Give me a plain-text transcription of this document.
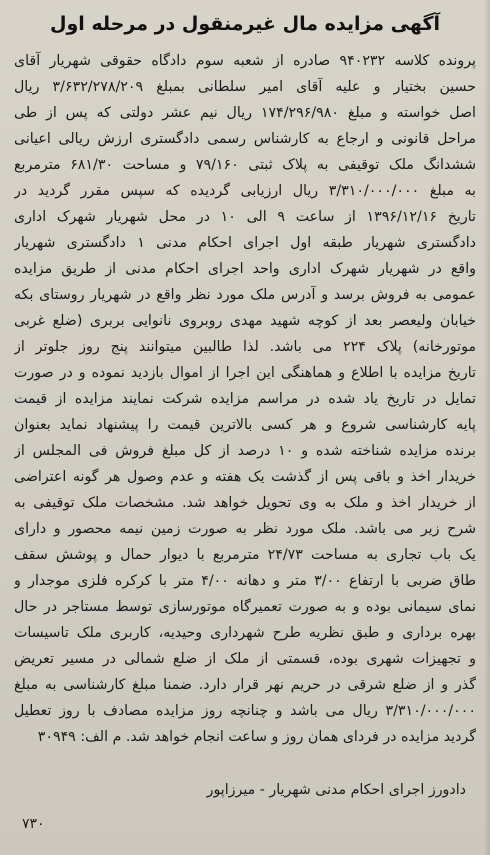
آگهی مزایده مال غیرمنقول در مرحله اول
پرونده کلاسه ۹۴۰۲۳۲ صادره از شعبه سوم دادگاه حقوقی شهریار آقای
حسین بختیار و علیه آقای امیر سلطانی بمبلغ ۳/۶۳۲/۲۷۸/۲۰۹ ریال
اصل خواسته و مبلغ ۱۷۴/۲۹۶/۹۸۰ ریال نیم عشر دولتی که پس از طی
مراحل قانونی و ارجاع به کارشناس رسمی دادگستری ارزش ریالی اعیانی
ششدانگ ملک توقیفی به پلاک ثبتی ۷۹/۱۶۰ و مساحت ۶۸۱/۳۰ مترمربع
به مبلغ ۳/۳۱۰/۰۰۰/۰۰۰ ریال ارزیابی گردیده که سپس مقرر گردید در
تاریخ ۱۳۹۶/۱۲/۱۶ از ساعت ۹ الی ۱۰ در محل شهریار شهرک اداری
دادگستری شهریار طبقه اول اجرای احکام مدنی ۱ دادگستری شهریار
واقع در شهریار شهرک اداری واحد اجرای احکام مدنی از طریق مزایده
عمومی به فروش برسد و آدرس ملک مورد نظر واقع در شهریار روستای بکه
خیابان ولیعصر بعد از کوچه شهید مهدی روبروی نانوایی بربری (ضلع غربی
موتورخانه) پلاک ۲۲۴ می باشد. لذا طالبین میتوانند پنج روز جلوتر از
تاریخ مزایده با اطلاع و هماهنگی این اجرا از اموال بازدید نموده و در صورت
تمایل در تاریخ یاد شده در مراسم مزایده شرکت نمایند مزایده از قیمت
پایه کارشناسی شروع و هر کسی بالاترین قیمت را پیشنهاد نماید بعنوان
برنده مزایده شناخته شده و ۱۰ درصد از کل مبلغ فروش فی المجلس از
خریدار اخذ و باقی پس از گذشت یک هفته و عدم وصول هر گونه اعتراضی
از خریدار اخذ و ملک به وی تحویل خواهد شد. مشخصات ملک توقیفی به
شرح زیر می باشد. ملک مورد نظر به صورت زمین نیمه محصور و دارای
یک باب تجاری به مساحت ۲۴/۷۳ مترمربع با دیوار حمال و پوشش سقف
طاق ضربی با ارتفاع ۳/۰۰ متر و دهانه ۴/۰۰ متر با کرکره فلزی موجدار و
نمای سیمانی بوده و به صورت تعمیرگاه موتورسازی توسط مستاجر در حال
بهره برداری و طبق نظریه طرح شهرداری وحیدیه، کاربری ملک تاسیسات
و تجهیزات شهری بوده، قسمتی از ملک از ضلع شمالی در مسیر تعریض
گذر و از ضلع شرقی در حریم نهر قرار دارد. ضمنا مبلغ کارشناسی به مبلغ
۳/۳۱۰/۰۰۰/۰۰۰ ریال می باشد و چنانچه روز مزایده مصادف با روز تعطیل
گردید مزایده در فردای همان روز و ساعت انجام خواهد شد. م الف: ۳۰۹۴۹
دادورز اجرای احکام مدنی شهریار - میرزاپور
۷۳۰
